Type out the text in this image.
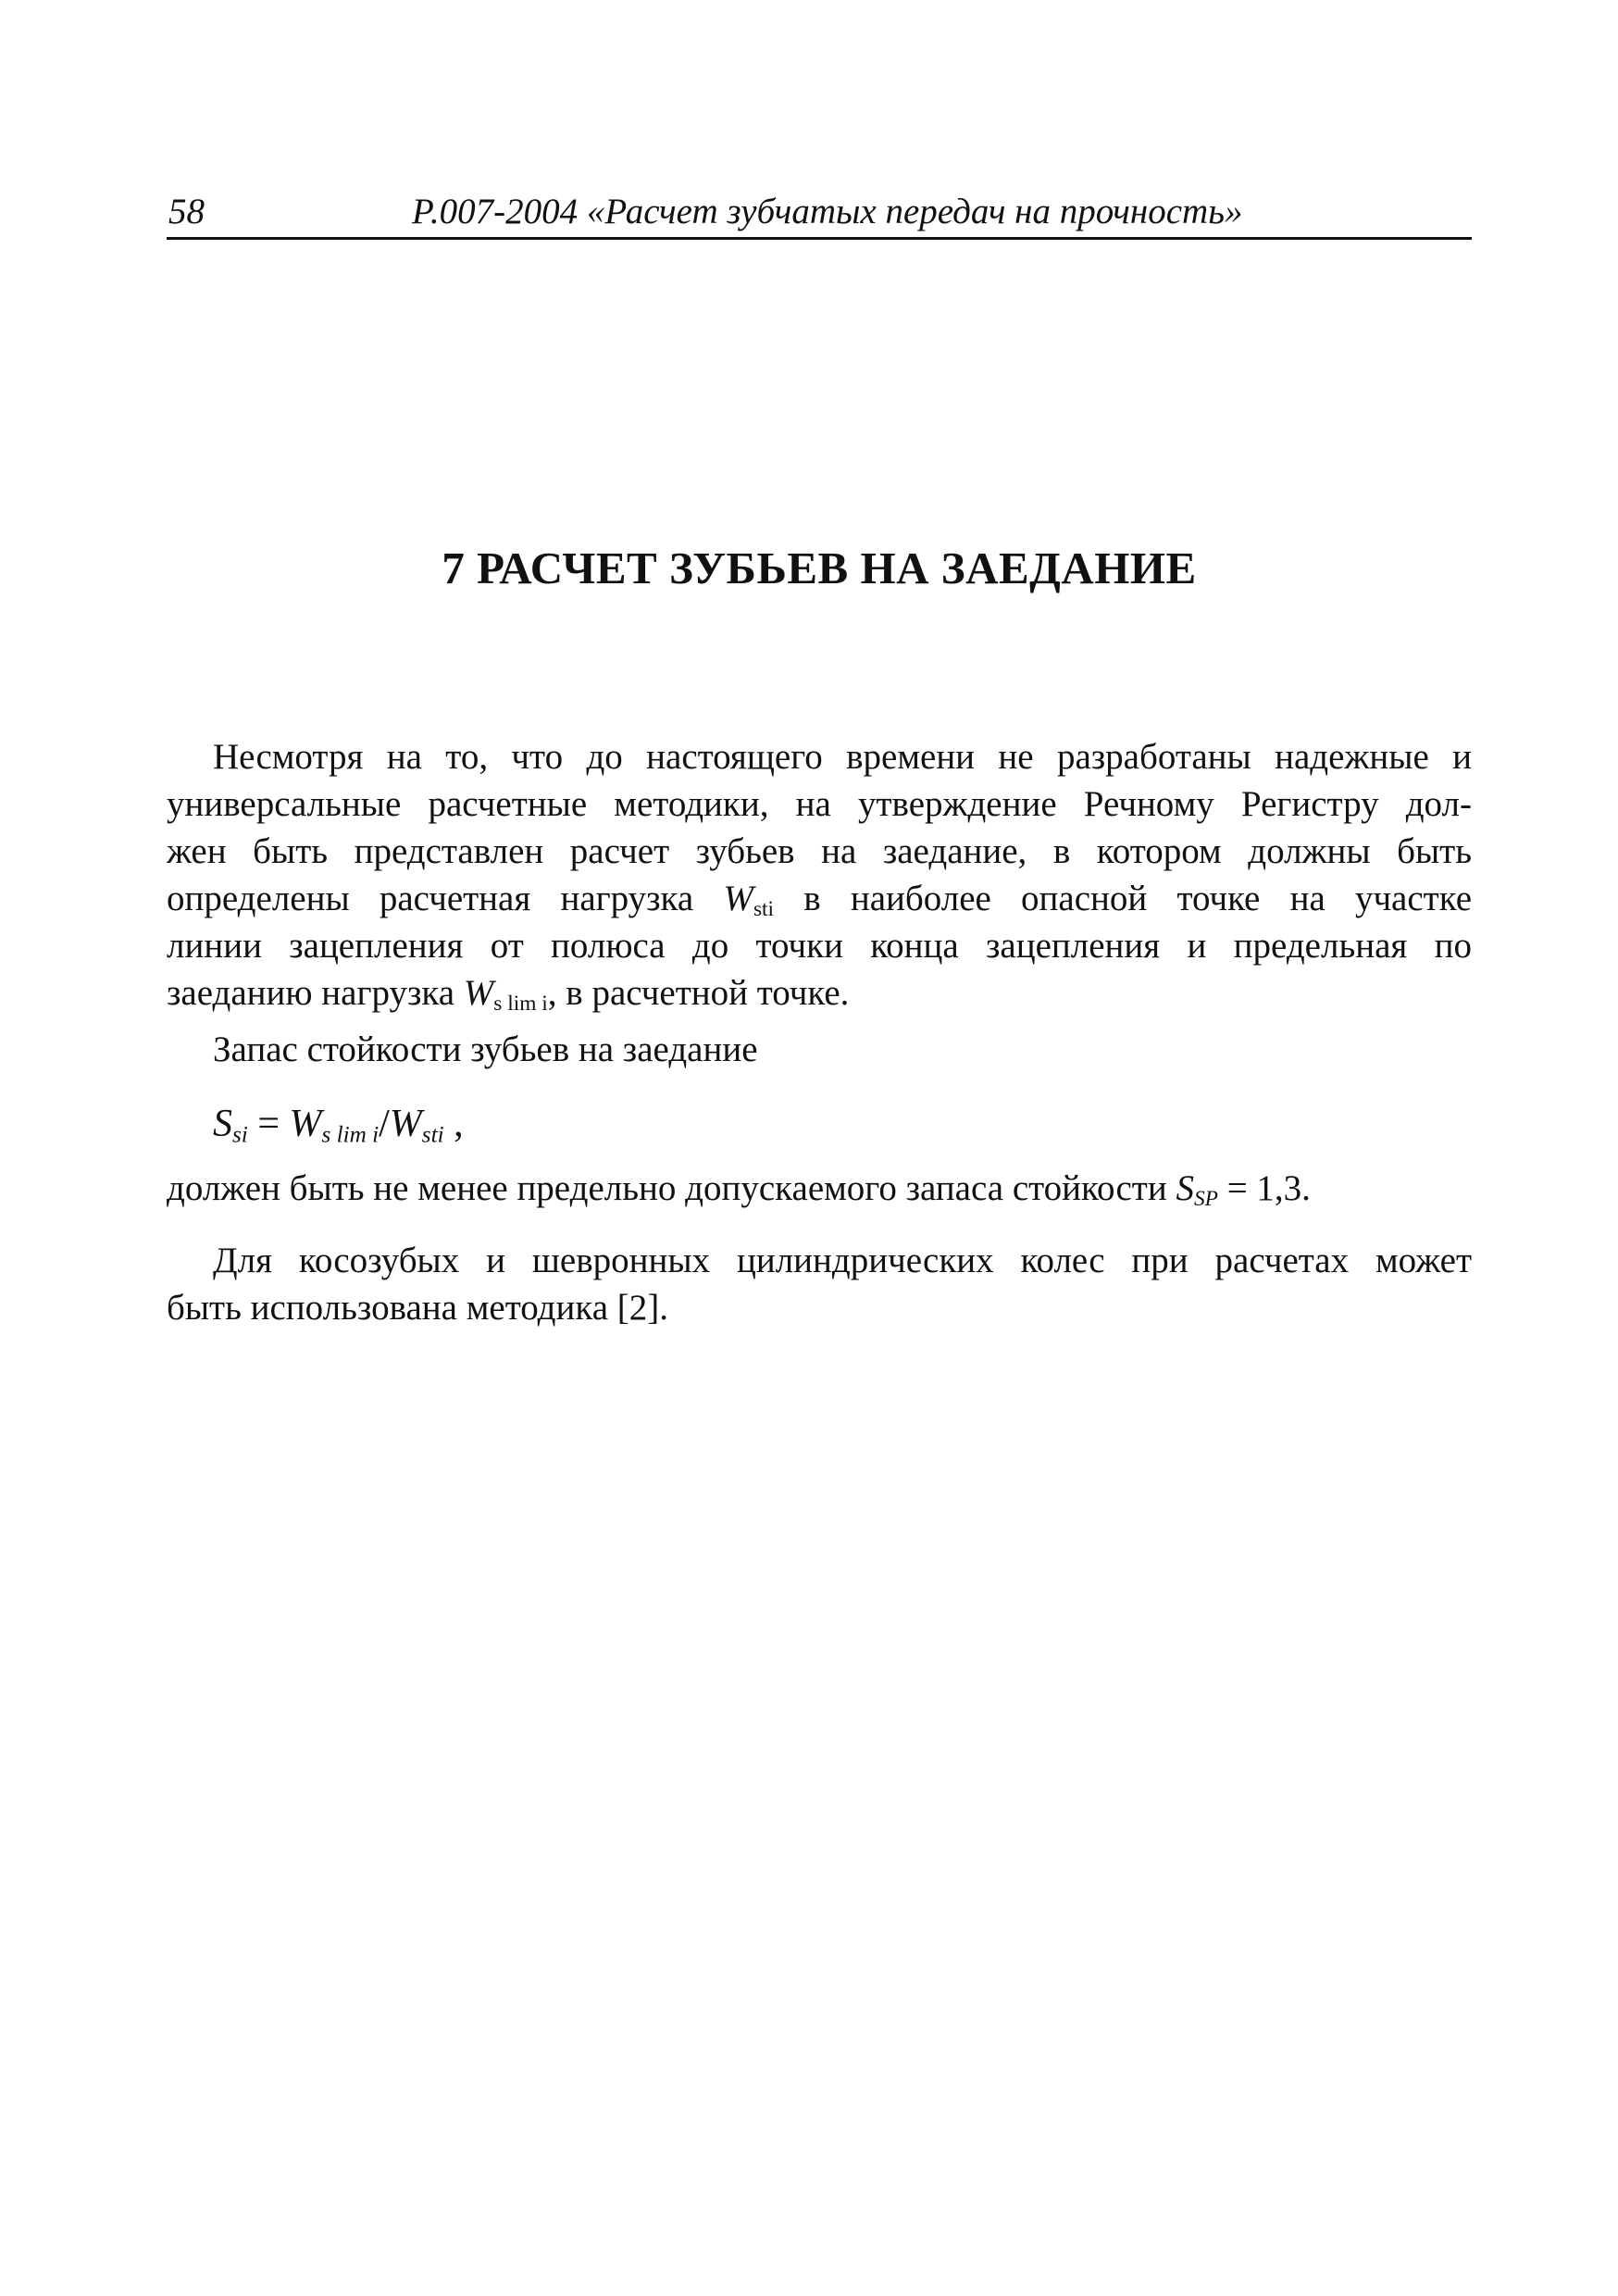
58	Р.007-2004 «Расчет зубчатых передач на прочность»
7 РАСЧЕТ ЗУБЬЕВ НА ЗАЕДАНИЕ
Несмотря на то, что до настоящего времени не разработаны надежные и
универсальные расчетные методики, на утверждение Речному Регистру дол-
жен быть представлен расчет зубьев на заедание, в котором должны быть
определены расчетная нагрузка $W_{sti}$ в наиболее опасной точке на участке
линии зацепления от полюса до точки конца зацепления и предельная по
заеданию нагрузка $W_{s lim i}$, в расчетной точке.
Запас стойкости зубьев на заедание
$S_{si} = W_{s lim i}/W_{sti}$ ,
должен быть не менее предельно допускаемого запаса стойкости $S_{SP} = 1,3$.
Для косозубых и шевронных цилиндрических колес при расчетах может
быть использована методика [2].
